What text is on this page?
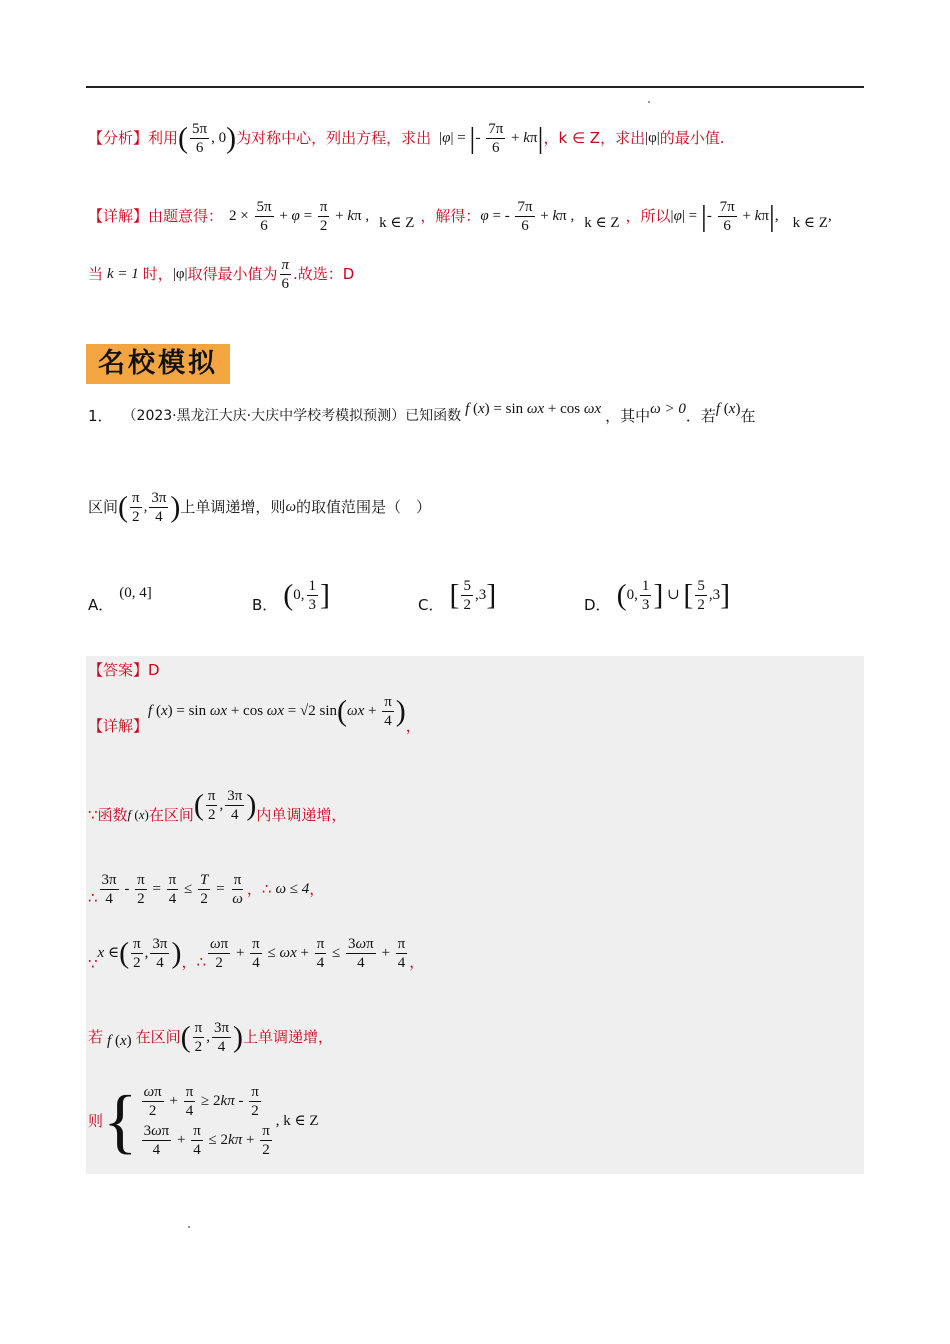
【分析】 利用 ( $\frac{5\pi}{6}$ , 0) 为对称中心，列出方程，求出 |φ| = |- $\frac{7\pi}{6} + k\pi|$ ，k ∈ Z，求出 |φ| 的最小值.
【详解】 由题意得： $2 \times \frac{5\pi}{6} + \varphi = \frac{\pi}{2} + k\pi$ , k ∈ Z ，解得： φ = - $\frac{7\pi}{6} + k\pi$ , k ∈ Z ，所以 |φ| = |- $\frac{7\pi}{6} + k\pi|$, k ∈ Z ,
当 k = 1 时， |φ| 取得最小值为 $\frac{\pi}{6}$ .故选：D
名校模拟
1． （2023·黑龙江大庆·大庆中学校考模拟预测）已知函数 f (x) = sin ωx + cos ωx ，其中 ω > 0 ．若 f (x) 在
区间 ( $\frac{\pi}{2}$ , $\frac{3\pi}{4}$ ) 上单调递增，则 ω 的取值范围是（　）
A．
(0, 4]
B． (0, $\frac{1}{3}$ ]	C． [ $\frac{5}{2} ,3$]	D． (0, $\frac{1}{3}$ ] ∪ [ $\frac{5}{2} ,3$]
【答案】D
【详解】
f (x) = sin ωx + cos ωx = √2 $\sin(\omega x + \frac{\pi}{4}$ ) ，
∵函数 f (x) 在区间 ( $\frac{\pi}{2}$ , $\frac{3\pi}{4}$ ) 内单调递增，
∴ $\frac{3\pi}{4} - \frac{\pi}{2} = \frac{\pi}{4} \le \frac{T}{2} = \frac{\pi}{\omega}$ ，∴ ω ≤ 4 ，
∵
x ∈( $\frac{\pi}{2}$ , $\frac{3\pi}{4}$ ) ，∴ $\frac{\omega\pi}{2} + \frac{\pi}{4} \le \omega x + \frac{\pi}{4} \le \frac{3\omega\pi}{4} + \frac{\pi}{4}$ ，
若 f (x) 在区间 ( $\frac{\pi}{2}$ , $\frac{3\pi}{4}$ ) 上单调递增，
则 { $\frac{\omega\pi}{2} + \frac{\pi}{4} \ge 2k\pi - \frac{\pi}{2}$
$\frac{3\omega\pi}{4} + \frac{\pi}{4} \le 2k\pi + \frac{\pi}{2}$
, k ∈ Z
